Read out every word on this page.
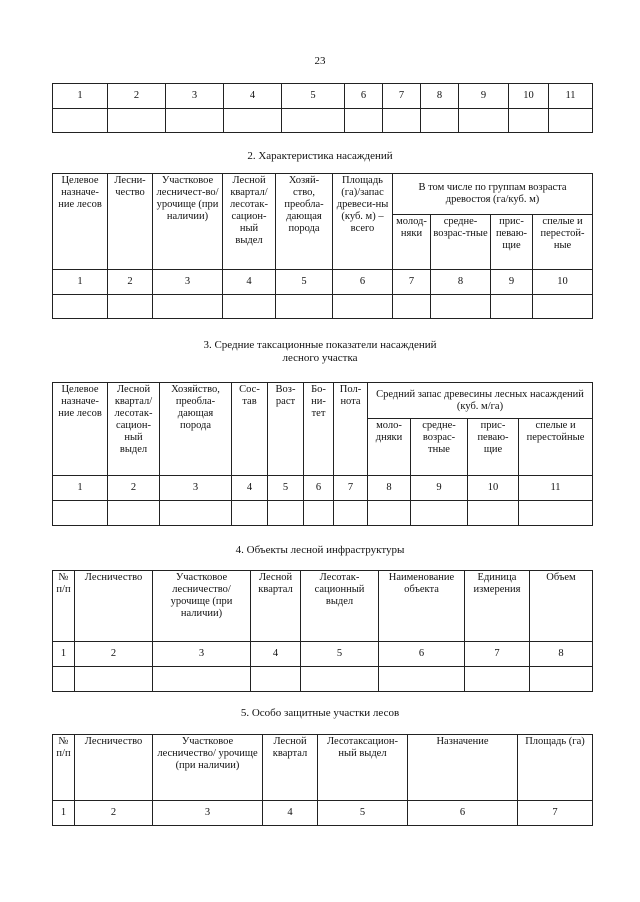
23
1	2	3	4	5	6	7	8	9	10	11

2. Характеристика насаждений
Целевое назначе-ние лесов	Лесни-чество	Участковое лесничест-во/урочище (при наличии)	Лесной квартал/ лесотак-сацион-ный выдел	Хозяй-ство, преобла-дающая порода	Площадь (га)/запас древеси-ны (куб. м) – всего	В том числе по группам возраста древостоя (га/куб. м)			
						молод-няки	средне-возрас-тные	прис-певаю-щие	спелые и перестой-ные
1	2	3	4	5	6	7	8	9	10

3. Средние таксационные показатели насаждений
лесного участка
Целевое назначе-ние лесов	Лесной квартал/ лесотак-сацион-ный выдел	Хозяйство, преобла-дающая порода	Сос-тав	Воз-раст	Бо-ни-тет	Пол-нота	Средний запас древесины лесных насаждений (куб. м/га)			
							моло-дняки	средне-возрас-тные	прис-певаю-щие	спелые и перестойные
1	2	3	4	5	6	7	8	9	10	11

4. Объекты лесной инфраструктуры
№ п/п	Лесничество	Участковое лесничество/ урочище (при наличии)	Лесной квартал	Лесотак-сационный выдел	Наименование объекта	Единица измерения	Объем
1	2	3	4	5	6	7	8

5. Особо защитные участки лесов
№ п/п	Лесничество	Участковое лесничество/ урочище (при наличии)	Лесной квартал	Лесотаксацион-ный выдел	Назначение	Площадь (га)
1	2	3	4	5	6	7
